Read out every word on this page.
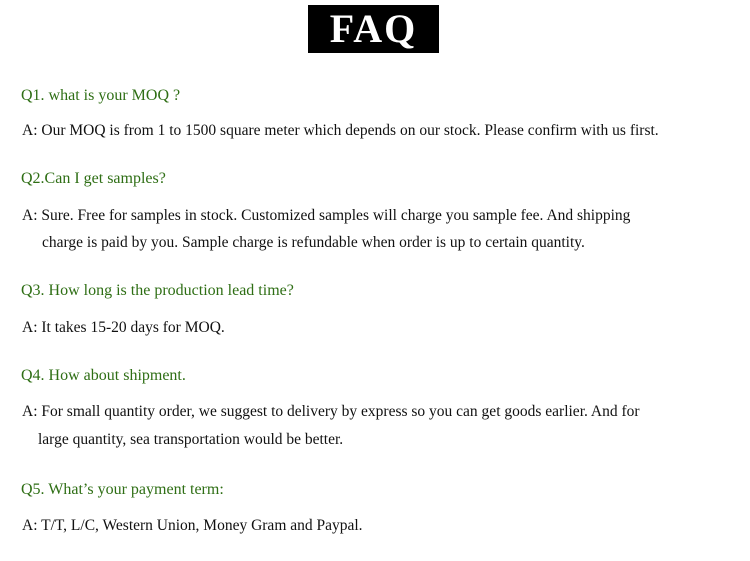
FAQ
Q1. what is your MOQ ?
A: Our MOQ is from 1 to 1500 square meter which depends on our stock. Please confirm with us first.
Q2.Can I get samples?
A: Sure. Free for samples in stock. Customized samples will charge you sample fee. And shipping
charge is paid by you. Sample charge is refundable when order is up to certain quantity.
Q3. How long is the production lead time?
A: It takes 15-20 days for MOQ.
Q4. How about shipment.
A: For small quantity order, we suggest to delivery by express so you can get goods earlier. And for
large quantity, sea transportation would be better.
Q5. What’s your payment term:
A: T/T, L/C, Western Union, Money Gram and Paypal.
